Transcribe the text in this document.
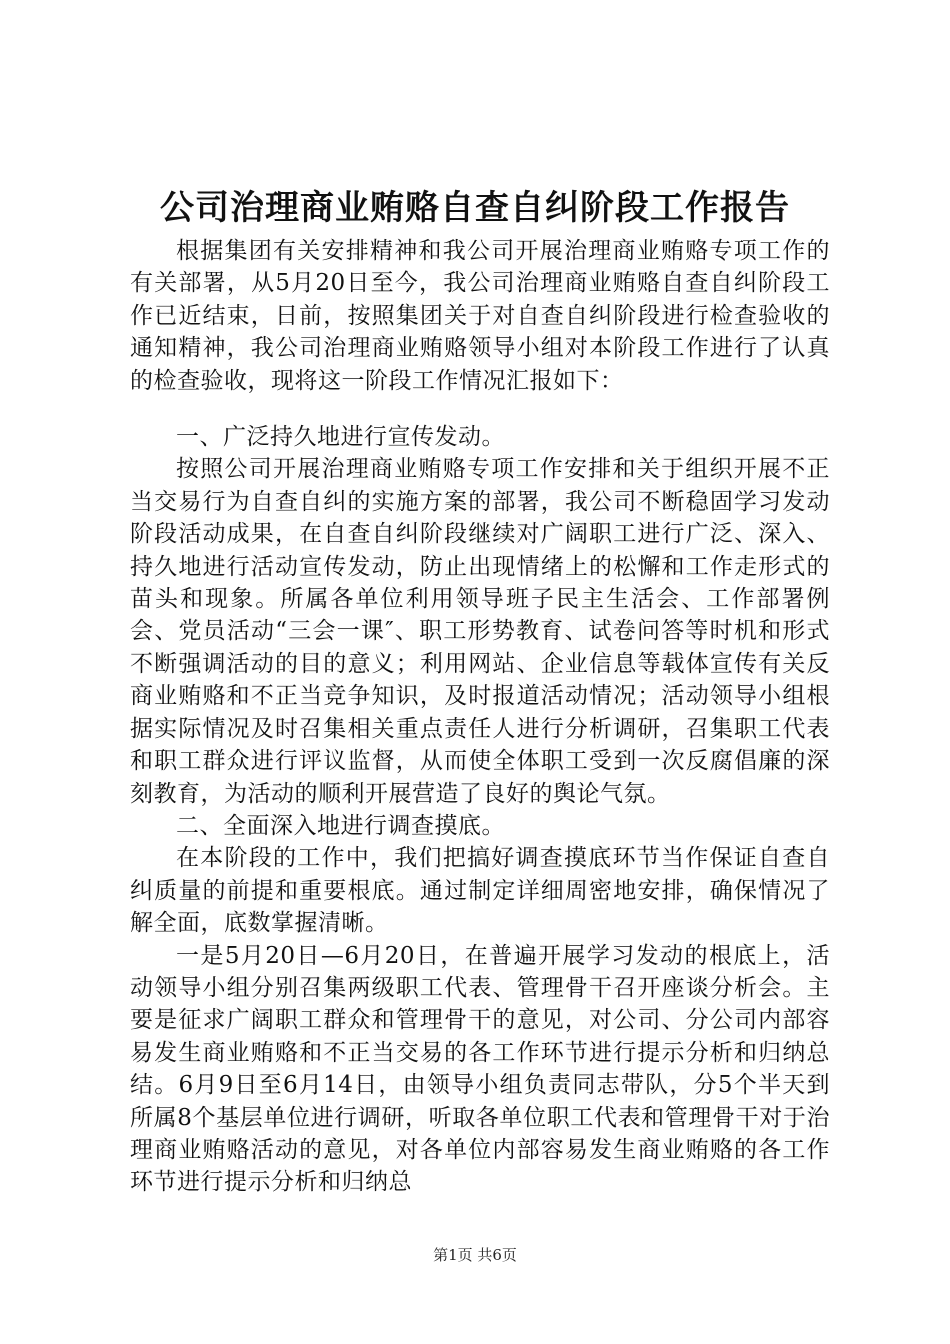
公司治理商业贿赂自查自纠阶段工作报告

根据集团有关安排精神和我公司开展治理商业贿赂专项工作的有关部署，从5月20日至今，我公司治理商业贿赂自查自纠阶段工作已近结束，日前，按照集团关于对自查自纠阶段进行检查验收的通知精神，我公司治理商业贿赂领导小组对本阶段工作进行了认真的检查验收，现将这一阶段工作情况汇报如下：

一、广泛持久地进行宣传发动。

按照公司开展治理商业贿赂专项工作安排和关于组织开展不正当交易行为自查自纠的实施方案的部署，我公司不断稳固学习发动阶段活动成果，在自查自纠阶段继续对广阔职工进行广泛、深入、持久地进行活动宣传发动，防止出现情绪上的松懈和工作走形式的苗头和现象。所属各单位利用领导班子民主生活会、工作部署例会、党员活动“三会一课″、职工形势教育、试卷问答等时机和形式不断强调活动的目的意义；利用网站、企业信息等载体宣传有关反商业贿赂和不正当竞争知识，及时报道活动情况；活动领导小组根据实际情况及时召集相关重点责任人进行分析调研，召集职工代表和职工群众进行评议监督，从而使全体职工受到一次反腐倡廉的深刻教育，为活动的顺利开展营造了良好的舆论气氛。

二、全面深入地进行调查摸底。

在本阶段的工作中，我们把搞好调查摸底环节当作保证自查自纠质量的前提和重要根底。通过制定详细周密地安排，确保情况了解全面，底数掌握清晰。

一是5月20日—6月20日，在普遍开展学习发动的根底上，活动领导小组分别召集两级职工代表、管理骨干召开座谈分析会。主要是征求广阔职工群众和管理骨干的意见，对公司、分公司内部容易发生商业贿赂和不正当交易的各工作环节进行提示分析和归纳总结。6月9日至6月14日，由领导小组负责同志带队，分5个半天到所属8个基层单位进行调研，听取各单位职工代表和管理骨干对于治理商业贿赂活动的意见，对各单位内部容易发生商业贿赂的各工作环节进行提示分析和归纳总

第1页 共6页
